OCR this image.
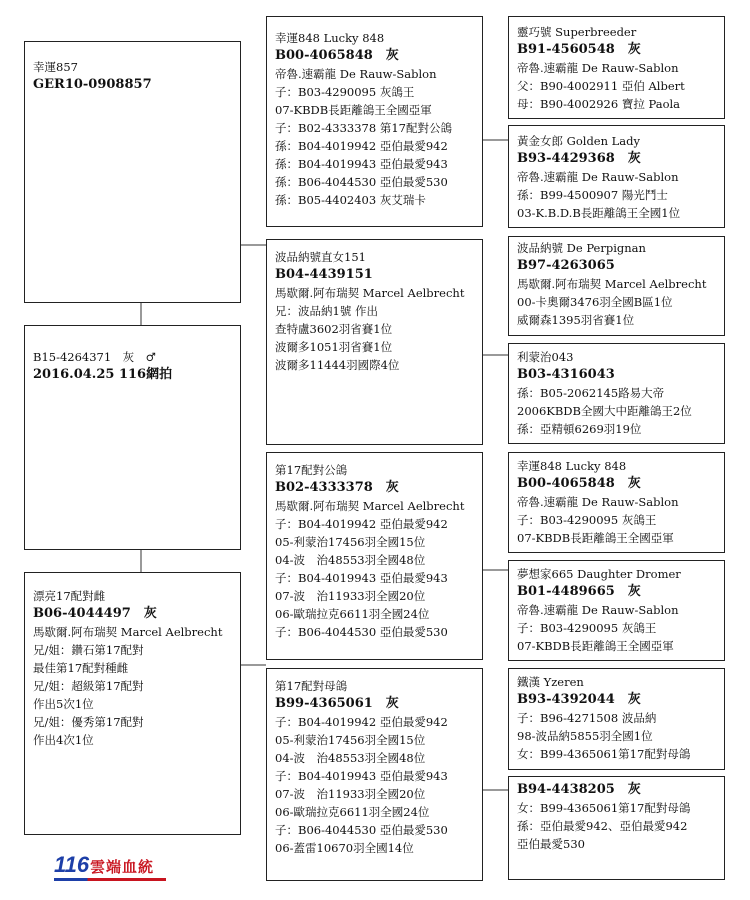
幸運857
GER10-0908857
B15-4264371　灰　♂
2016.04.25 116網拍
漂亮17配對雌
B06-4044497　灰
馬歇爾.阿布瑞契 Marcel Aelbrecht
兄/姐：鑽石第17配對
最佳第17配對種雌
兄/姐：超級第17配對
作出5次1位
兄/姐：優秀第17配對
作出4次1位
幸運848 Lucky 848
B00-4065848　灰
帝魯.速霸龍 De Rauw-Sablon
子：B03-4290095 灰鴿王
07-KBDB長距離鴿王全國亞軍
子：B02-4333378 第17配對公鴿
孫：B04-4019942 亞伯最愛942
孫：B04-4019943 亞伯最愛943
孫：B06-4044530 亞伯最愛530
孫：B05-4402403 灰艾瑞卡
波品納號直女151
B04-4439151
馬歇爾.阿布瑞契 Marcel Aelbrecht
兄：波品納1號 作出
查特盧3602羽省賽1位
波爾多1051羽省賽1位
波爾多11444羽國際4位
第17配對公鴿
B02-4333378　灰
馬歇爾.阿布瑞契 Marcel Aelbrecht
子：B04-4019942 亞伯最愛942
05-利蒙治17456羽全國15位
04-波　治48553羽全國48位
子：B04-4019943 亞伯最愛943
07-波　治11933羽全國20位
06-歐瑞拉克6611羽全國24位
子：B06-4044530 亞伯最愛530
第17配對母鴿
B99-4365061　灰
子：B04-4019942 亞伯最愛942
05-利蒙治17456羽全國15位
04-波　治48553羽全國48位
子：B04-4019943 亞伯最愛943
07-波　治11933羽全國20位
06-歐瑞拉克6611羽全國24位
子：B06-4044530 亞伯最愛530
06-蓋雷10670羽全國14位
靈巧號 Superbreeder
B91-4560548　灰
帝魯.速霸龍 De Rauw-Sablon
父：B90-4002911 亞伯 Albert
母：B90-4002926 寶拉 Paola
黃金女郎 Golden Lady
B93-4429368　灰
帝魯.速霸龍 De Rauw-Sablon
孫：B99-4500907 陽光鬥士
03-K.B.D.B長距離鴿王全國1位
波品納號 De Perpignan
B97-4263065
馬歇爾.阿布瑞契 Marcel Aelbrecht
00-卡奧爾3476羽全國B區1位
威爾森1395羽省賽1位
利蒙治043
B03-4316043
孫：B05-2062145路易大帝
2006KBDB全國大中距離鴿王2位
孫：亞精頓6269羽19位
幸運848 Lucky 848
B00-4065848　灰
帝魯.速霸龍 De Rauw-Sablon
子：B03-4290095 灰鴿王
07-KBDB長距離鴿王全國亞軍
夢想家665 Daughter Dromer
B01-4489665　灰
帝魯.速霸龍 De Rauw-Sablon
子：B03-4290095 灰鴿王
07-KBDB長距離鴿王全國亞軍
鐵漢 Yzeren
B93-4392044　灰
子：B96-4271508 波品納
98-波品納5855羽全國1位
女：B99-4365061第17配對母鴿
B94-4438205　灰
女：B99-4365061第17配對母鴿
孫：亞伯最愛942、亞伯最愛942
亞伯最愛530
116 雲端血統
